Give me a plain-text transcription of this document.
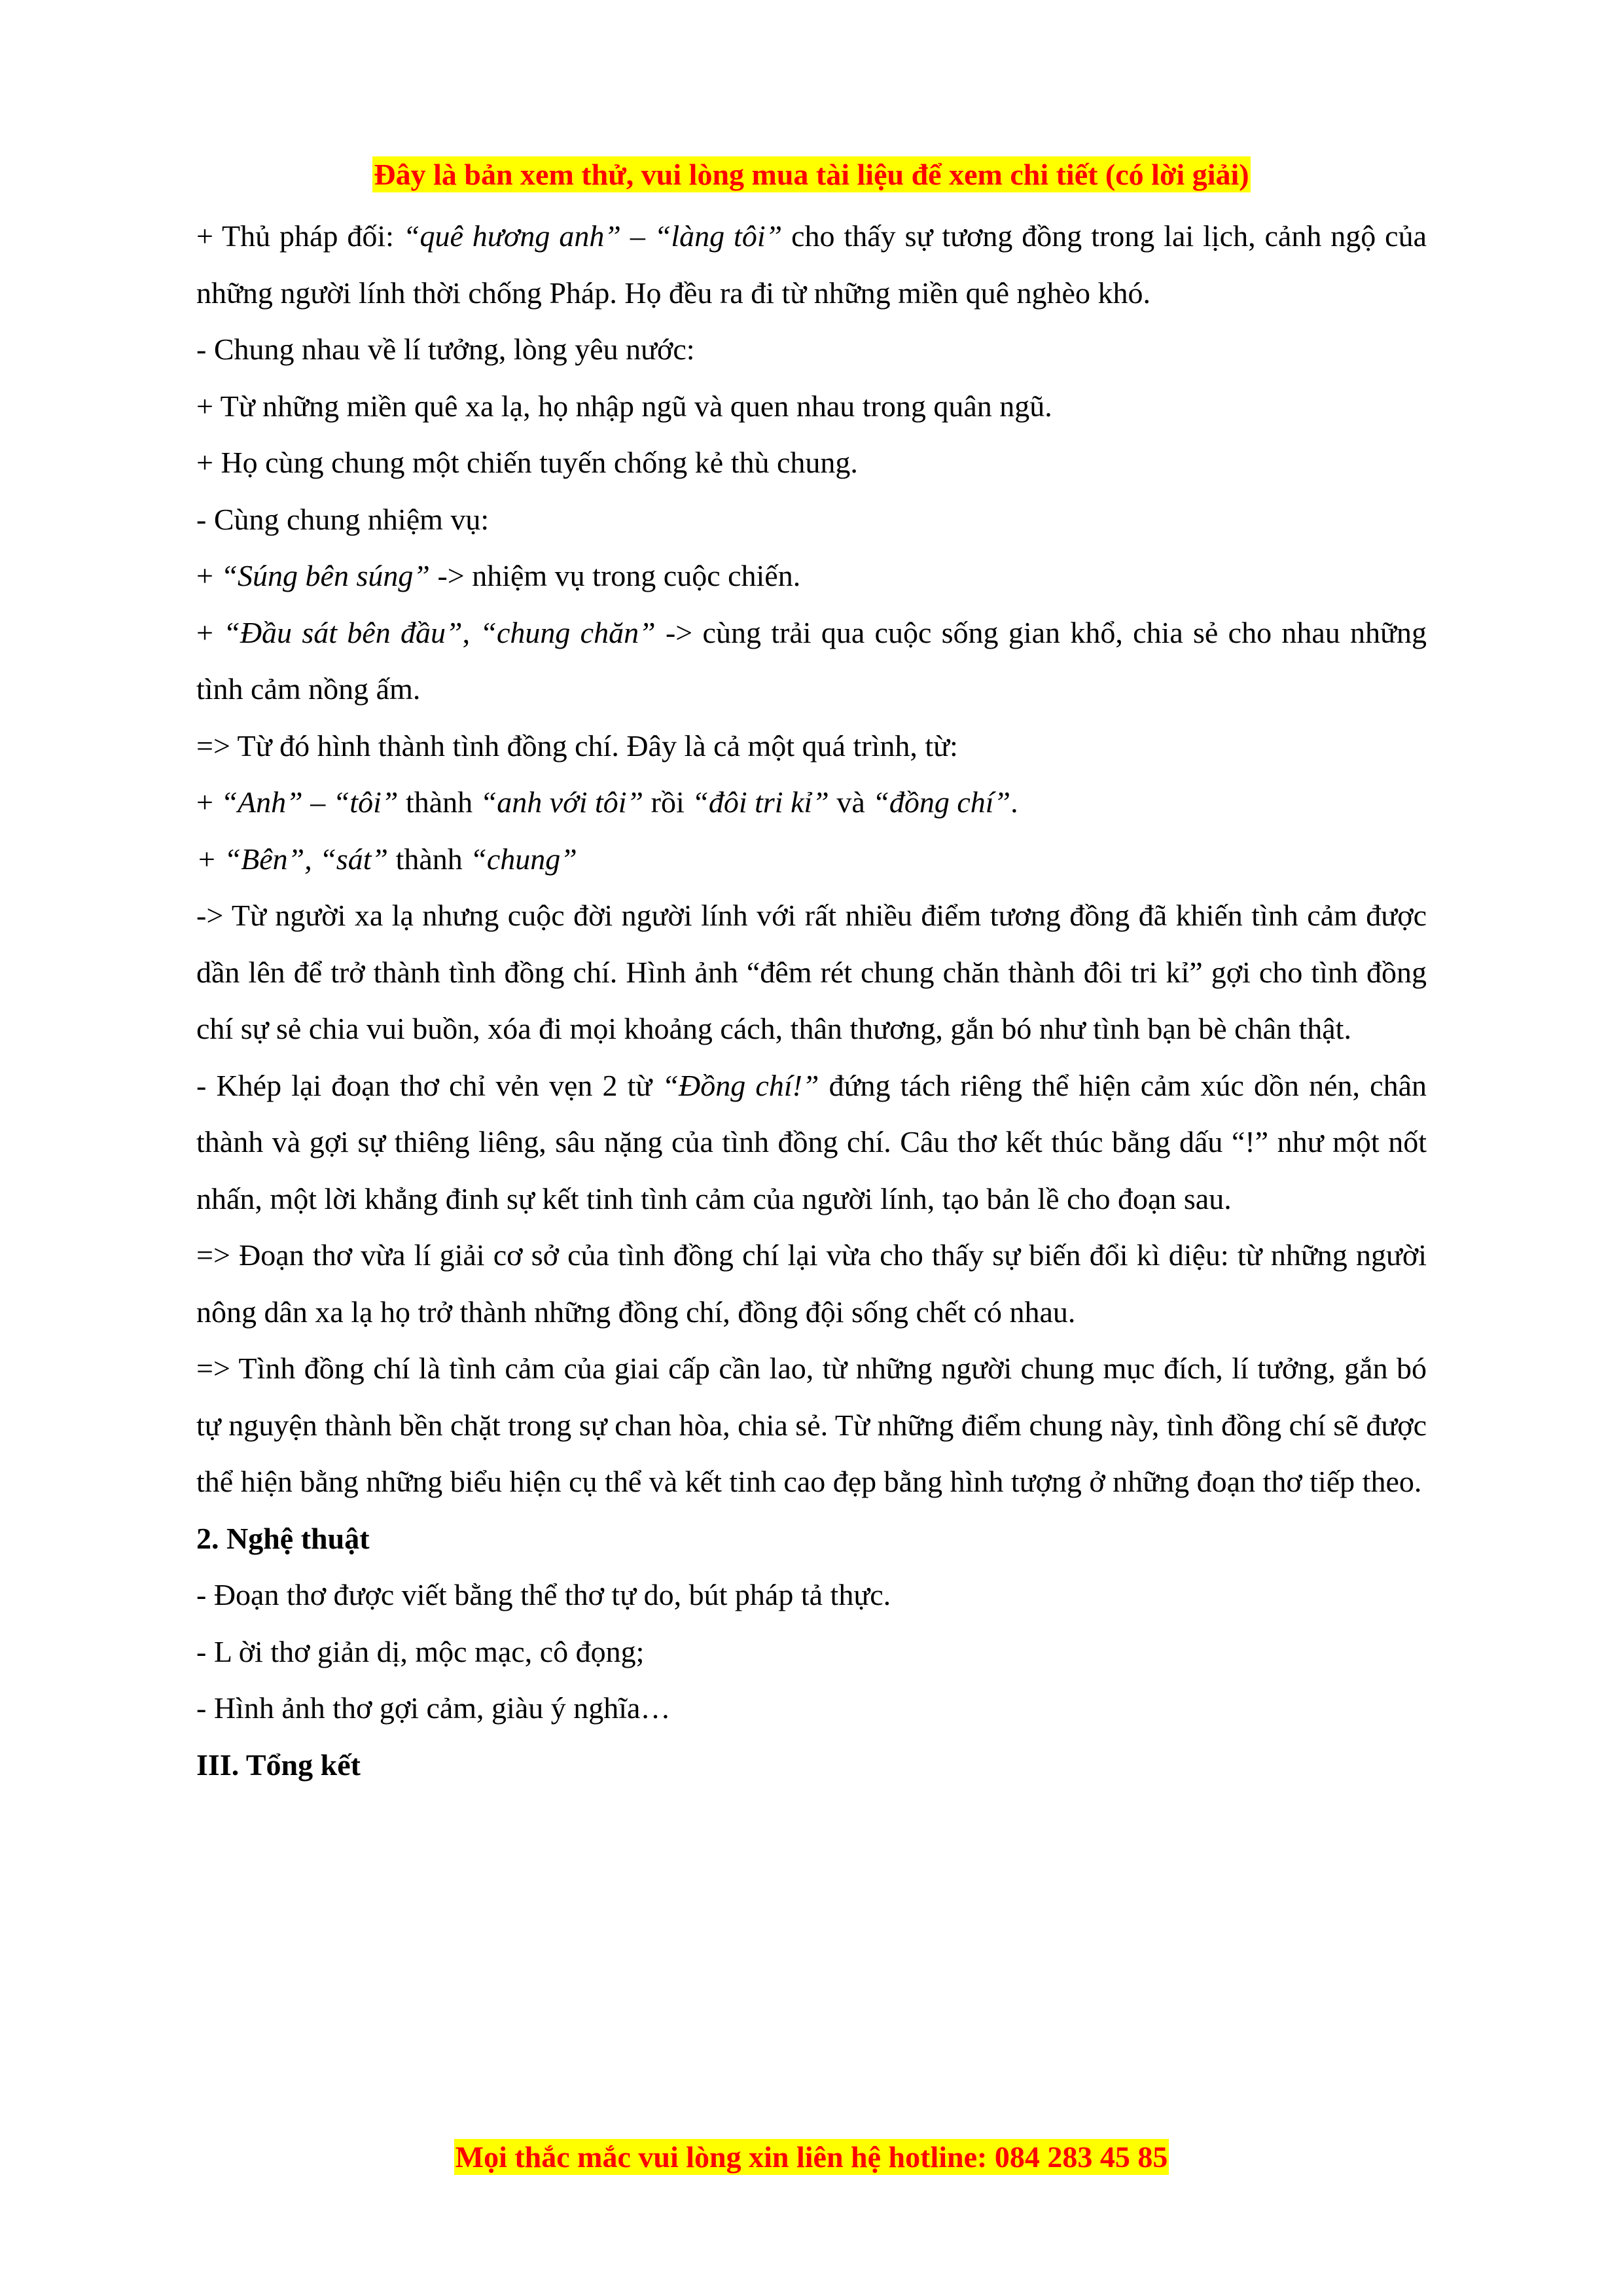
Đây là bản xem thử, vui lòng mua tài liệu để xem chi tiết (có lời giải)

+ Thủ pháp đối: “quê hương anh” – “làng tôi” cho thấy sự tương đồng trong lai lịch, cảnh ngộ của những người lính thời chống Pháp. Họ đều ra đi từ những miền quê nghèo khó.

- Chung nhau về lí tưởng, lòng yêu nước:

+ Từ những miền quê xa lạ, họ nhập ngũ và quen nhau trong quân ngũ.

+ Họ cùng chung một chiến tuyến chống kẻ thù chung.

- Cùng chung nhiệm vụ:

+ “Súng bên súng” -> nhiệm vụ trong cuộc chiến.

+ “Đầu sát bên đầu”, “chung chăn” -> cùng trải qua cuộc sống gian khổ, chia sẻ cho nhau những tình cảm nồng ấm.

=> Từ đó hình thành tình đồng chí. Đây là cả một quá trình, từ:

+ “Anh” – “tôi” thành “anh với tôi” rồi “đôi tri kỉ” và “đồng chí”.

+ “Bên”, “sát” thành “chung”

-> Từ người xa lạ nhưng cuộc đời người lính với rất nhiều điểm tương đồng đã khiến tình cảm được dần lên để trở thành tình đồng chí. Hình ảnh “đêm rét chung chăn thành đôi tri kỉ” gợi cho tình đồng chí sự sẻ chia vui buồn, xóa đi mọi khoảng cách, thân thương, gắn bó như tình bạn bè chân thật.

- Khép lại đoạn thơ chỉ vẻn vẹn 2 từ “Đồng chí!” đứng tách riêng thể hiện cảm xúc dồn nén, chân thành và gợi sự thiêng liêng, sâu nặng của tình đồng chí. Câu thơ kết thúc bằng dấu “!” như một nốt nhấn, một lời khẳng đinh sự kết tinh tình cảm của người lính, tạo bản lề cho đoạn sau.

=> Đoạn thơ vừa lí giải cơ sở của tình đồng chí lại vừa cho thấy sự biến đổi kì diệu: từ những người nông dân xa lạ họ trở thành những đồng chí, đồng đội sống chết có nhau.

=> Tình đồng chí là tình cảm của giai cấp cần lao, từ những người chung mục đích, lí tưởng, gắn bó tự nguyện thành bền chặt trong sự chan hòa, chia sẻ. Từ những điểm chung này, tình đồng chí sẽ được thể hiện bằng những biểu hiện cụ thể và kết tinh cao đẹp bằng hình tượng ở những đoạn thơ tiếp theo.

2. Nghệ thuật

- Đoạn thơ được viết bằng thể thơ tự do, bút pháp tả thực.

- L ời thơ giản dị, mộc mạc, cô đọng;

- Hình ảnh thơ gợi cảm, giàu ý nghĩa…

III. Tổng kết

Mọi thắc mắc vui lòng xin liên hệ hotline: 084 283 45 85
